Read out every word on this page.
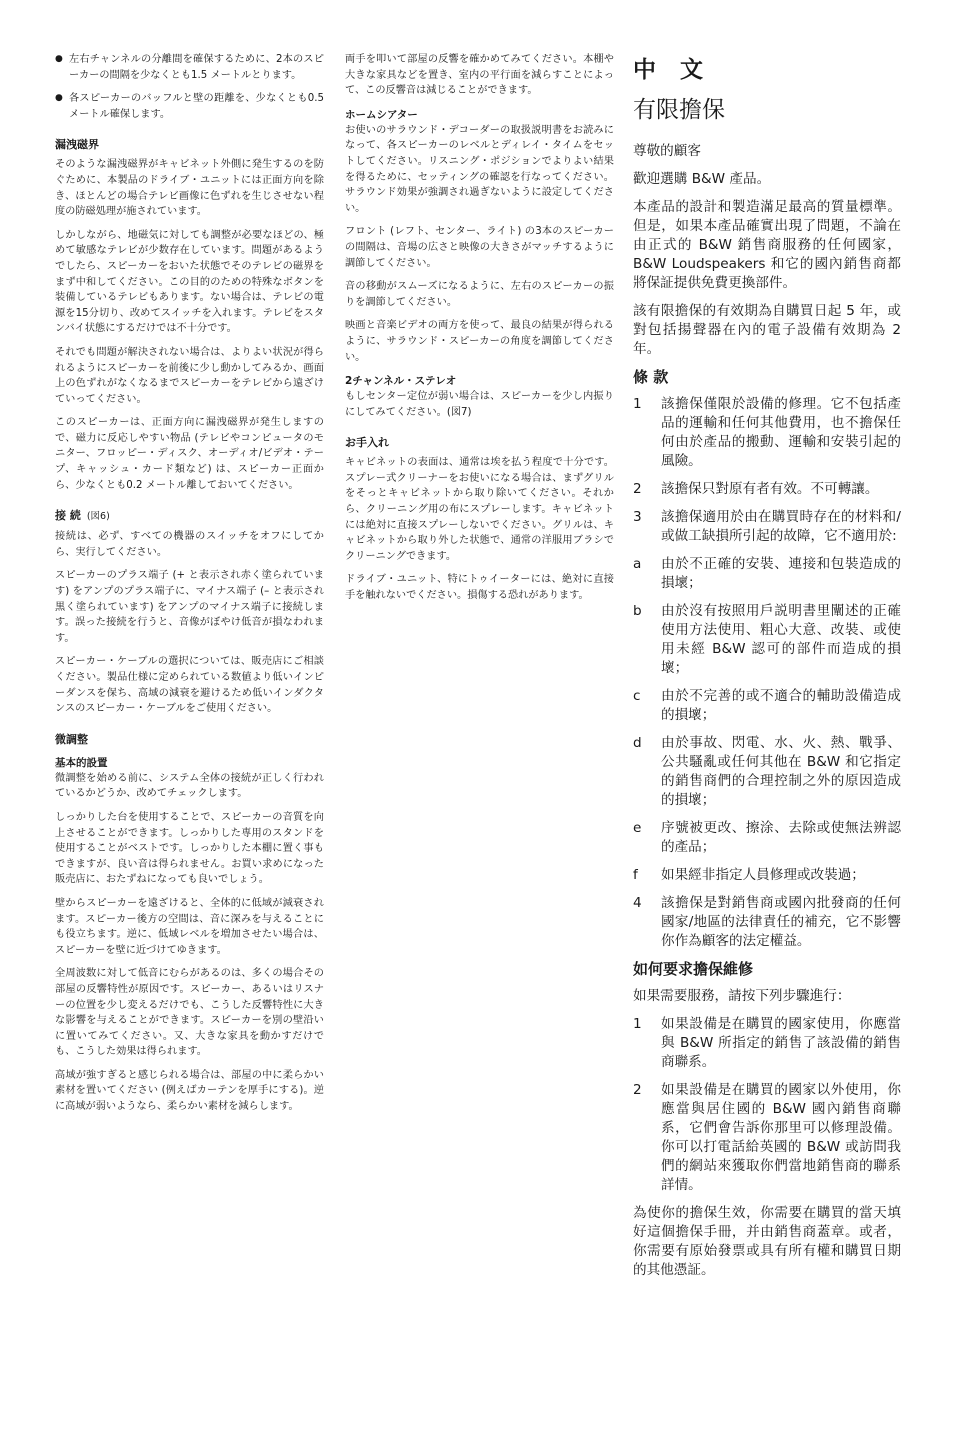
● 左右チャンネルの分離間を確保するために、2本のスピーカーの間隔を少なくとも1.5 メートルとります。

● 各スピーカーのバッフルと壁の距離を、少なくとも0.5 メートル確保します。

漏洩磁界

そのような漏洩磁界がキャビネット外側に発生するのを防ぐために、本製品のドライブ・ユニットには正面方向を除き、ほとんどの場合テレビ画像に色ずれを生じさせない程度の防磁処理が施されています。

しかしながら、地磁気に対しても調整が必要なほどの、極めて敏感なテレビが少数存在しています。問題があるようでしたら、スピーカーをおいた状態でそのテレビの磁界をまず中和してください。この目的のための特殊なボタンを装備しているテレビもあります。ない場合は、テレビの電源を15分切り、改めてスイッチを入れます。テレビをスタンバイ状態にするだけでは不十分です。

それでも問題が解決されない場合は、よりよい状況が得られるようにスピーカーを前後に少し動かしてみるか、画面上の色ずれがなくなるまでスピーカーをテレビから遠ざけていってください。

このスピーカーは、正面方向に漏洩磁界が発生しますので、磁力に反応しやすい物品 (テレビやコンピュータのモニター、フロッピー・ディスク、オーディオ/ビデオ・テープ、キャッシュ・カード類など) は、スピーカー正面から、少なくとも0.2 メートル離しておいてください。

接 続 (図6)

接続は、必ず、すべての機器のスイッチをオフにしてから、実行してください。

スピーカーのプラス端子 (+ と表示され赤く塗られています) をアンプのプラス端子に、マイナス端子 (– と表示され黒く塗られています) をアンプのマイナス端子に接続します。誤った接続を行うと、音像がぼやけ低音が損なわれます。

スピーカー・ケーブルの選択については、販売店にご相談ください。製品仕様に定められている数値より低いインピーダンスを保ち、高域の減衰を避けるため低いインダクタンスのスピーカー・ケーブルをご使用ください。

微調整
基本的設置

微調整を始める前に、システム全体の接続が正しく行われているかどうか、改めてチェックします。

しっかりした台を使用することで、スピーカーの音質を向上させることができます。しっかりした専用のスタンドを使用することがベストです。しっかりした本棚に置く事もできますが、良い音は得られません。お買い求めになった販売店に、おたずねになっても良いでしょう。

壁からスピーカーを遠ざけると、全体的に低域が減衰されます。スピーカー後方の空間は、音に深みを与えることにも役立ちます。逆に、低域レベルを増加させたい場合は、スピーカーを壁に近づけてゆきます。

全周波数に対して低音にむらがあるのは、多くの場合その部屋の反響特性が原因です。スピーカー、あるいはリスナーの位置を少し変えるだけでも、こうした反響特性に大きな影響を与えることができます。スピーカーを別の壁沿いに置いてみてください。又、大きな家具を動かすだけでも、こうした効果は得られます。

高域が強すぎると感じられる場合は、部屋の中に柔らかい素材を置いてください (例えばカーテンを厚手にする)。逆に高域が弱いようなら、柔らかい素材を減らします。

両手を叩いて部屋の反響を確かめてみてください。本棚や大きな家具などを置き、室内の平行面を減らすことによって、この反響音は減じることができます。

ホームシアター

お使いのサラウンド・デコーダーの取扱説明書をお読みになって、各スピーカーのレベルとディレイ・タイムをセットしてください。リスニング・ポジションでよりよい結果を得るために、セッティングの確認を行なってください。サラウンド効果が強調され過ぎないように設定してください。

フロント (レフト、センター、ライト) の3本のスピーカーの間隔は、音場の広さと映像の大きさがマッチするように調節してください。

音の移動がスムーズになるように、左右のスピーカーの振りを調節してください。

映画と音楽ビデオの両方を使って、最良の結果が得られるように、サラウンド・スピーカーの角度を調節してください。

2チャンネル・ステレオ

もしセンター定位が弱い場合は、スピーカーを少し内振りにしてみてください。(図7)

お手入れ

キャビネットの表面は、通常は埃を払う程度で十分です。スプレー式クリーナーをお使いになる場合は、まずグリルをそっとキャビネットから取り除いてください。それから、クリーニング用の布にスプレーします。キャビネットには絶対に直接スプレーしないでください。グリルは、キャビネットから取り外した状態で、通常の洋服用ブラシでクリーニングできます。

ドライブ・ユニット、特にトゥイーターには、絶対に直接手を触れないでください。損傷する恐れがあります。

中 文
有限擔保

尊敬的顧客

歡迎選購 B&W 產品。

本產品的設計和製造滿足最高的質量標準。但是，如果本產品確實出現了問題，不論在由正式的 B&W 銷售商服務的任何國家，B&W Loudspeakers 和它的國內銷售商都將保証提供免費更換部件。

該有限擔保的有效期為自購買日起 5 年，或對包括揚聲器在內的電子設備有效期為 2 年。

條 款
1 該擔保僅限於設備的修理。它不包括產品的運輸和任何其他費用，也不擔保任何由於產品的搬動、運輸和安裝引起的風險。
2 該擔保只對原有者有效。不可轉讓。
3 該擔保適用於由在購買時存在的材料和/或做工缺損所引起的故障，它不適用於:
a 由於不正確的安裝、連接和包裝造成的損壞；
b 由於沒有按照用戶説明書里闡述的正確使用方法使用、粗心大意、改裝、或使用未經 B&W 認可的部件而造成的損壞；
c 由於不完善的或不適合的輔助設備造成的損壞；
d 由於事故、閃電、水、火、熱、戰爭、公共騷亂或任何其他在 B&W 和它指定的銷售商們的合理控制之外的原因造成的損壞；
e 序號被更改、擦涂、去除或使無法辨認的產品；
f 如果經非指定人員修理或改裝過；
4 該擔保是對銷售商或國內批發商的任何國家/地區的法律責任的補充，它不影響你作為顧客的法定權益。
如何要求擔保維修

如果需要服務，請按下列步驟進行：

1 如果設備是在購買的國家使用，你應當與 B&W 所指定的銷售了該設備的銷售商聯系。
2 如果設備是在購買的國家以外使用，你應當與居住國的 B&W 國內銷售商聯系，它們會告訴你那里可以修理設備。你可以打電話給英國的 B&W 或訪問我們的網站來獲取你們當地銷售商的聯系詳情。

為使你的擔保生效，你需要在購買的當天填好這個擔保手冊，并由銷售商蓋章。或者，你需要有原始發票或具有所有權和購買日期的其他憑証。
